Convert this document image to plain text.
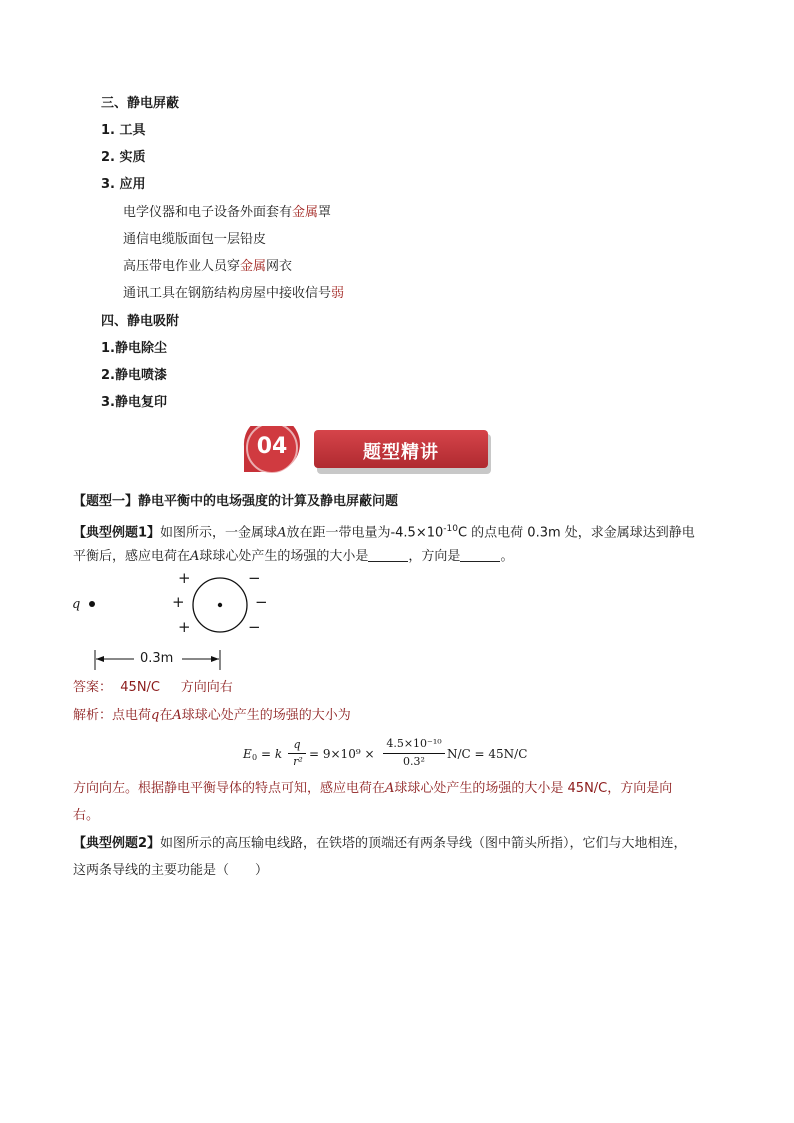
三、静电屏蔽
1. 工具
2. 实质
3. 应用
电学仪器和电子设备外面套有金属罩
通信电缆版面包一层铅皮
高压带电作业人员穿金属网衣
通讯工具在钢筋结构房屋中接收信号弱
四、静电吸附
1.静电除尘
2.静电喷漆
3.静电复印
04	题型精讲
【题型一】静电平衡中的电场强度的计算及静电屏蔽问题
【典型例题1】如图所示，一金属球A放在距一带电量为$-4.5\times 10^{-10}C$ 的点电荷 0.3m 处，求金属球达到静电
平衡后，感应电荷在A球球心处产生的场强的大小是	，方向是	。
q
+
+
+
−
−
−
0.3m
答案： 45N/C 方向向右
解析：点电荷q在A球球心处产生的场强的大小为
E 0 = k
q
r²
= 9×10⁹ ×
4.5×10⁻¹⁰
0.3²
N/C = 45N/C
方向向左。根据静电平衡导体的特点可知，感应电荷在A球球心处产生的场强的大小是 45N/C，方向是向
右。
【典型例题2】如图所示的高压输电线路，在铁塔的顶端还有两条导线（图中箭头所指），它们与大地相连，
这两条导线的主要功能是（　　）
